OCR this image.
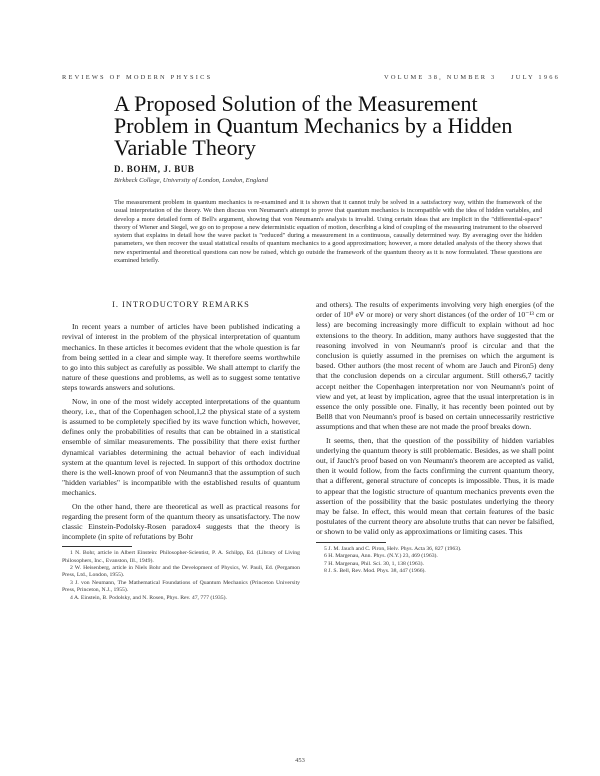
REVIEWS OF MODERN PHYSICS	VOLUME 38, NUMBER 3 JULY 1966
A Proposed Solution of the Measurement Problem in Quantum Mechanics by a Hidden Variable Theory
D. BOHM, J. BUB
Birkbeck College, University of London, London, England

The measurement problem in quantum mechanics is re-examined and it is shown that it cannot truly be solved in a satisfactory way, within the framework of the usual interpretation of the theory. We then discuss von Neumann's attempt to prove that quantum mechanics is incompatible with the idea of hidden variables, and develop a more detailed form of Bell's argument, showing that von Neumann's analysis is invalid. Using certain ideas that are implicit in the "differential-space" theory of Wiener and Siegel, we go on to propose a new deterministic equation of motion, describing a kind of coupling of the measuring instrument to the observed system that explains in detail how the wave packet is "reduced" during a measurement in a continuous, causally determined way. By averaging over the hidden parameters, we then recover the usual statistical results of quantum mechanics to a good approximation; however, a more detailed analysis of the theory shows that new experimental and theoretical questions can now be raised, which go outside the framework of the quantum theory as it is now formulated. These questions are examined briefly.

I. INTRODUCTORY REMARKS

In recent years a number of articles have been published indicating a revival of interest in the problem of the physical interpretation of quantum mechanics. In these articles it becomes evident that the whole question is far from being settled in a clear and simple way. It therefore seems worthwhile to go into this subject as carefully as possible. We shall attempt to clarify the nature of these questions and problems, as well as to suggest some tentative steps towards answers and solutions.

Now, in one of the most widely accepted interpretations of the quantum theory, i.e., that of the Copenhagen school,1,2 the physical state of a system is assumed to be completely specified by its wave function which, however, defines only the probabilities of results that can be obtained in a statistical ensemble of similar measurements. The possibility that there exist further dynamical variables determining the actual behavior of each individual system at the quantum level is rejected. In support of this orthodox doctrine there is the well-known proof of von Neumann3 that the assumption of such "hidden variables" is incompatible with the established results of quantum mechanics.

On the other hand, there are theoretical as well as practical reasons for regarding the present form of the quantum theory as unsatisfactory. The now classic Einstein-Podolsky-Rosen paradox4 suggests that the theory is incomplete (in spite of refutations by Bohr

1 N. Bohr, article in Albert Einstein: Philosopher-Scientist, P. A. Schilpp, Ed. (Library of Living Philosophers, Inc., Evanston, Ill., 1949).
2 W. Heisenberg, article in Niels Bohr and the Development of Physics, W. Pauli, Ed. (Pergamon Press, Ltd., London, 1955).
3 J. von Neumann, The Mathematical Foundations of Quantum Mechanics (Princeton University Press, Princeton, N.J., 1955).
4 A. Einstein, B. Podolsky, and N. Rosen, Phys. Rev. 47, 777 (1935).

and others). The results of experiments involving very high energies (of the order of 10⁹ eV or more) or very short distances (of the order of 10⁻¹³ cm or less) are becoming increasingly more difficult to explain without ad hoc extensions to the theory. In addition, many authors have suggested that the reasoning involved in von Neumann's proof is circular and that the conclusion is quietly assumed in the premises on which the argument is based. Other authors (the most recent of whom are Jauch and Piron5) deny that the conclusion depends on a circular argument. Still others6,7 tacitly accept neither the Copenhagen interpretation nor von Neumann's point of view and yet, at least by implication, agree that the usual interpretation is in essence the only possible one. Finally, it has recently been pointed out by Bell8 that von Neumann's proof is based on certain unnecessarily restrictive assumptions and that when these are not made the proof breaks down.

It seems, then, that the question of the possibility of hidden variables underlying the quantum theory is still problematic. Besides, as we shall point out, if Jauch's proof based on von Neumann's theorem are accepted as valid, then it would follow, from the facts confirming the current quantum theory, that a different, general structure of concepts is impossible. Thus, it is made to appear that the logistic structure of quantum mechanics prevents even the assertion of the possibility that the basic postulates underlying the theory may be false. In effect, this would mean that certain features of the basic postulates of the current theory are absolute truths that can never be falsified, or shown to be valid only as approximations or limiting cases. This

5 J. M. Jauch and C. Piron, Helv. Phys. Acta 36, 827 (1963).
6 H. Margenau, Ann. Phys. (N.Y.) 23, 469 (1963).
7 H. Margenau, Phil. Sci. 30, 1, 138 (1963).
8 J. S. Bell, Rev. Mod. Phys. 38, 447 (1966).
453
